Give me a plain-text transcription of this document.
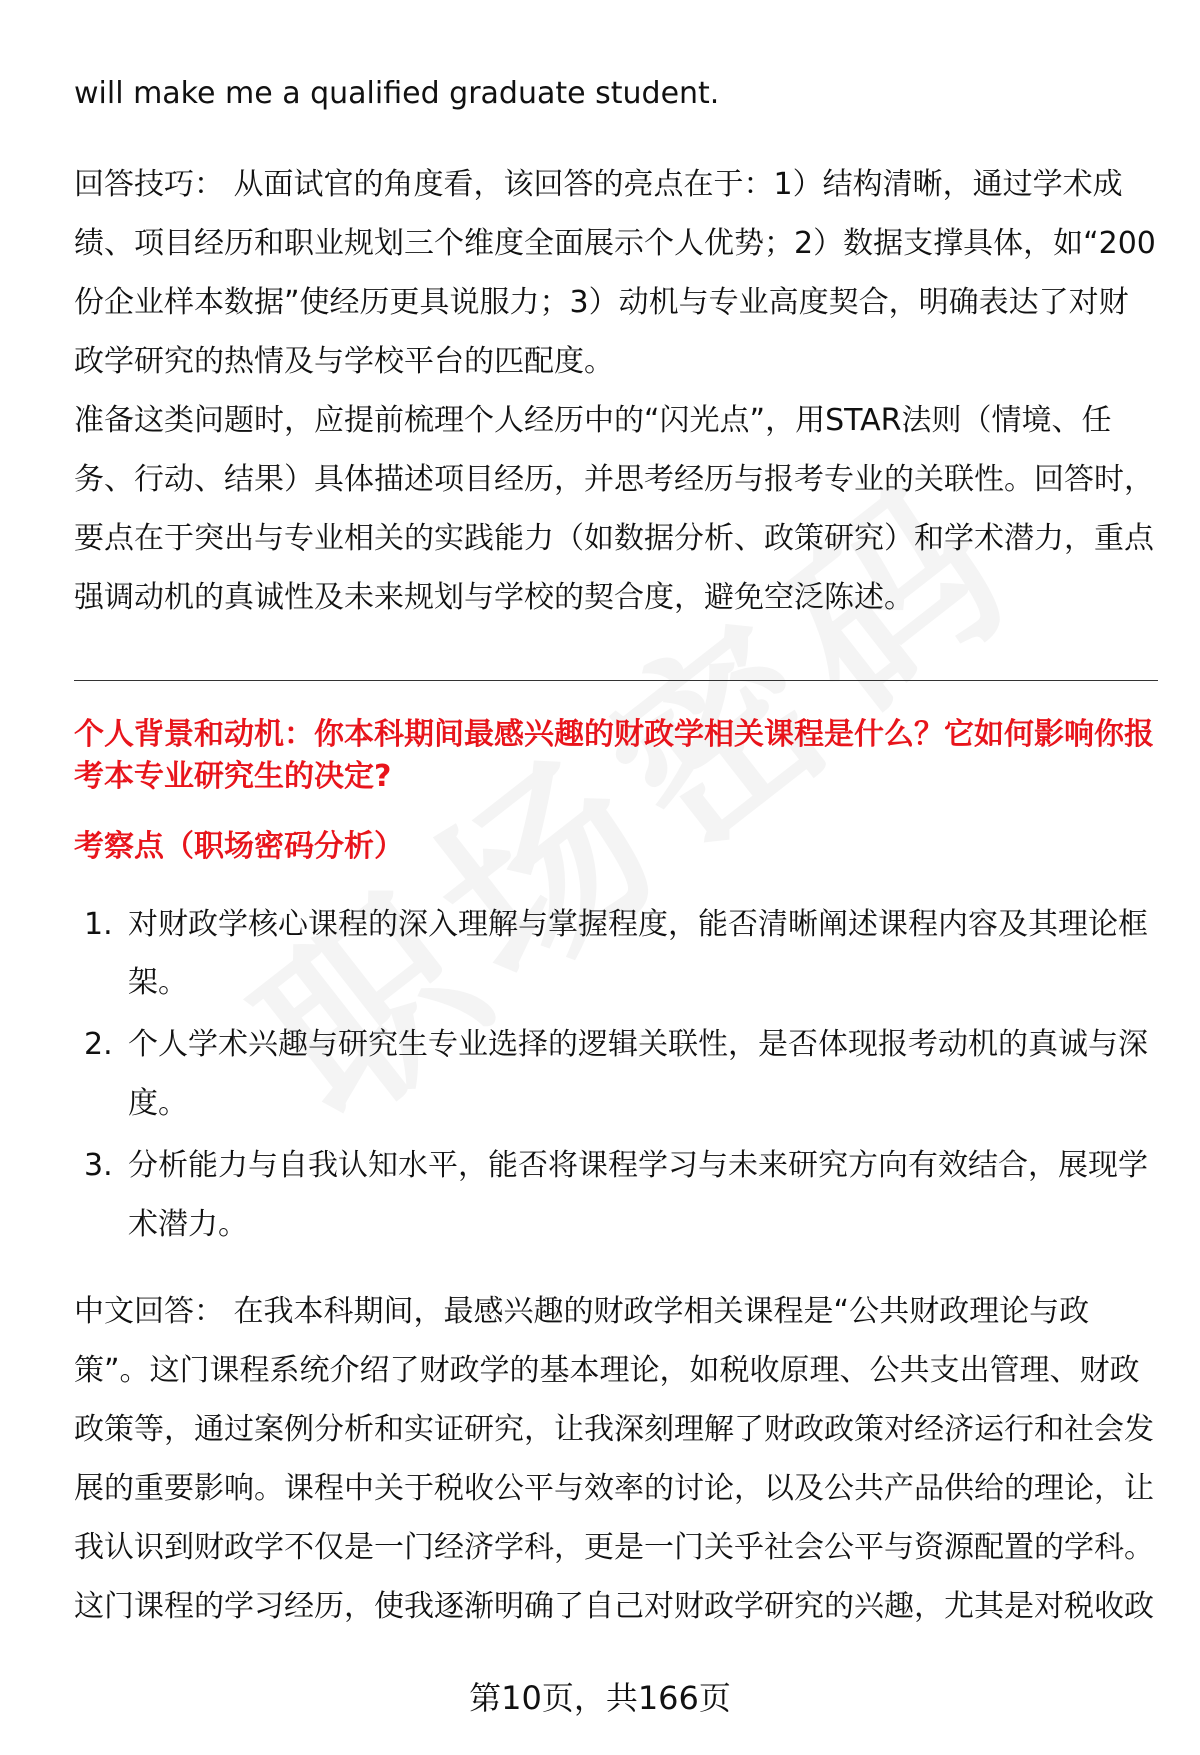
will make me a qualified graduate student.
回答技巧： 从面试官的角度看，该回答的亮点在于：1）结构清晰，通过学术成
绩、项目经历和职业规划三个维度全面展示个人优势；2）数据支撑具体，如“200
份企业样本数据”使经历更具说服力；3）动机与专业高度契合，明确表达了对财
政学研究的热情及与学校平台的匹配度。
准备这类问题时，应提前梳理个人经历中的“闪光点”，用STAR法则（情境、任
务、行动、结果）具体描述项目经历，并思考经历与报考专业的关联性。回答时，
要点在于突出与专业相关的实践能力（如数据分析、政策研究）和学术潜力，重点
强调动机的真诚性及未来规划与学校的契合度，避免空泛陈述。
个人背景和动机：你本科期间最感兴趣的财政学相关课程是什么？它如何影响你报
考本专业研究生的决定?
考察点（职场密码分析）
1. 对财政学核心课程的深入理解与掌握程度，能否清晰阐述课程内容及其理论框
架。
2. 个人学术兴趣与研究生专业选择的逻辑关联性，是否体现报考动机的真诚与深
度。
3. 分析能力与自我认知水平，能否将课程学习与未来研究方向有效结合，展现学
术潜力。
中文回答： 在我本科期间，最感兴趣的财政学相关课程是“公共财政理论与政
策”。这门课程系统介绍了财政学的基本理论，如税收原理、公共支出管理、财政
政策等，通过案例分析和实证研究，让我深刻理解了财政政策对经济运行和社会发
展的重要影响。课程中关于税收公平与效率的讨论，以及公共产品供给的理论，让
我认识到财政学不仅是一门经济学科，更是一门关乎社会公平与资源配置的学科。
这门课程的学习经历，使我逐渐明确了自己对财政学研究的兴趣，尤其是对税收政
第10页，共166页
